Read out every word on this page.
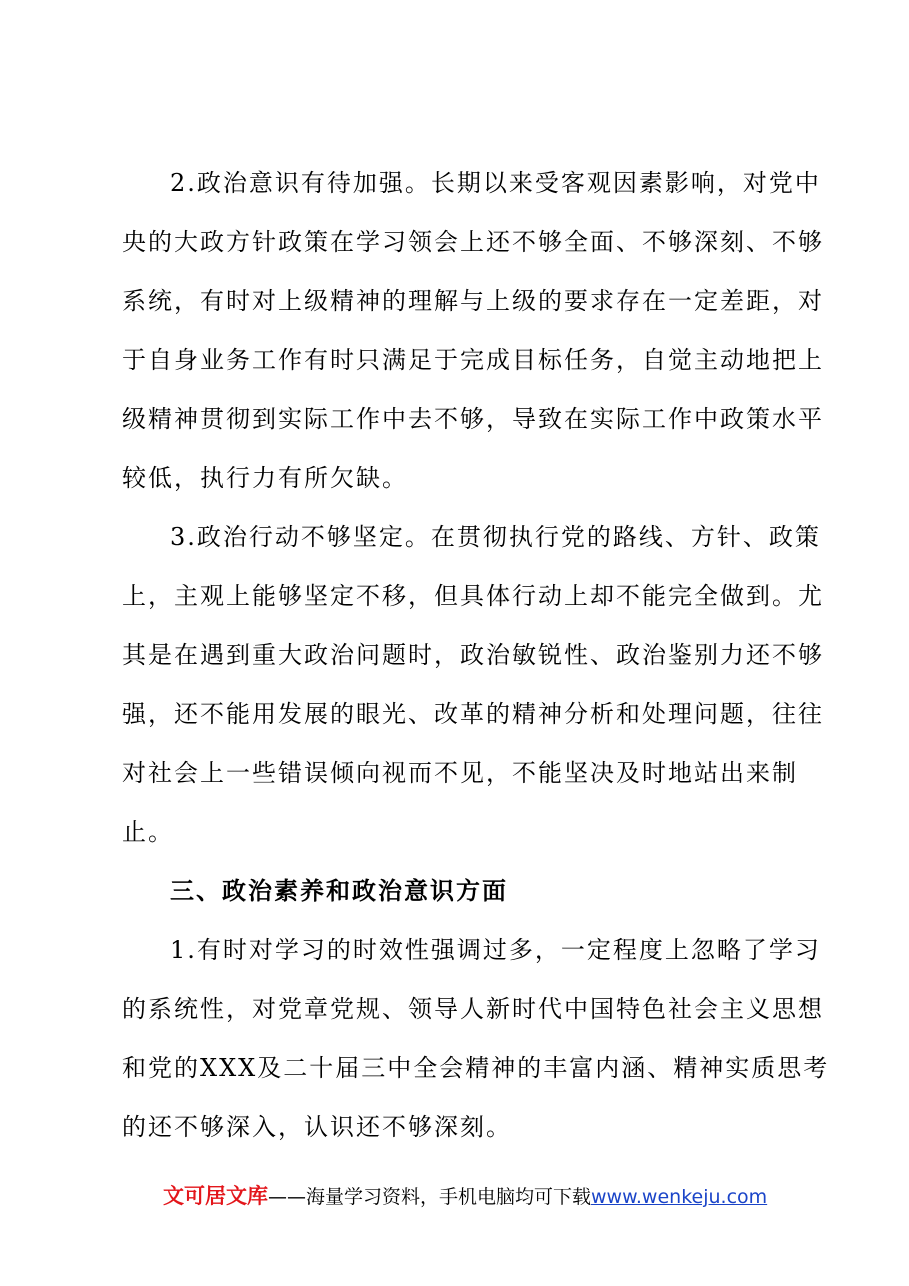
2.政治意识有待加强。长期以来受客观因素影响，对党中
央的大政方针政策在学习领会上还不够全面、不够深刻、不够
系统，有时对上级精神的理解与上级的要求存在一定差距，对
于自身业务工作有时只满足于完成目标任务，自觉主动地把上
级精神贯彻到实际工作中去不够，导致在实际工作中政策水平
较低，执行力有所欠缺。
3.政治行动不够坚定。在贯彻执行党的路线、方针、政策
上，主观上能够坚定不移，但具体行动上却不能完全做到。尤
其是在遇到重大政治问题时，政治敏锐性、政治鉴别力还不够
强，还不能用发展的眼光、改革的精神分析和处理问题，往往
对社会上一些错误倾向视而不见，不能坚决及时地站出来制
止。
三、政治素养和政治意识方面
1.有时对学习的时效性强调过多，一定程度上忽略了学习
的系统性，对党章党规、领导人新时代中国特色社会主义思想
和党的XXX及二十届三中全会精神的丰富内涵、精神实质思考
的还不够深入，认识还不够深刻。
文可居文库——海量学习资料，手机电脑均可下载www.wenkeju.com
